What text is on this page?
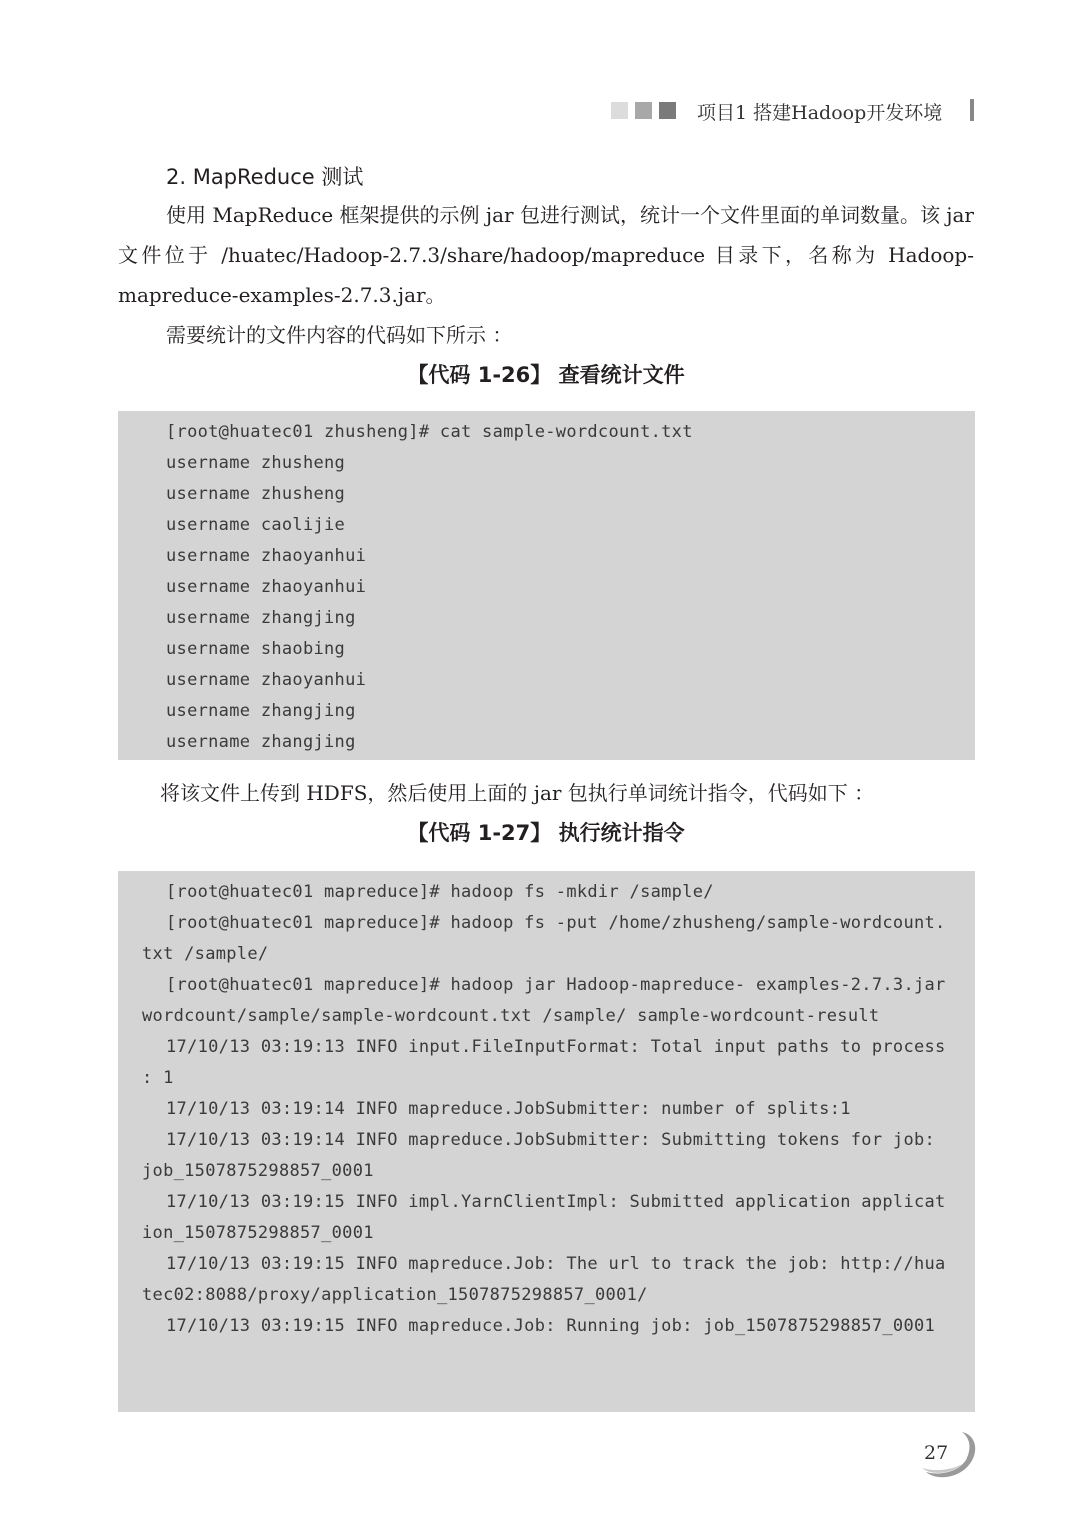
项目1 搭建Hadoop开发环境
2. MapReduce 测试

使用 MapReduce 框架提供的示例 jar 包进行测试，统计一个文件里面的单词数量。该 jar 文件位于 /huatec/Hadoop-2.7.3/share/hadoop/mapreduce 目录下，名称为 Hadoop-mapreduce-examples-2.7.3.jar。

需要统计的文件内容的代码如下所示 ：

【代码 1-26】 查看统计文件
[root@huatec01 zhusheng]# cat sample-wordcount.txt
username zhusheng
username zhusheng
username caolijie
username zhaoyanhui
username zhaoyanhui
username zhangjing
username shaobing
username zhaoyanhui
username zhangjing
username zhangjing

将该文件上传到 HDFS，然后使用上面的 jar 包执行单词统计指令，代码如下 ：

【代码 1-27】 执行统计指令
[root@huatec01 mapreduce]# hadoop fs -mkdir /sample/
[root@huatec01 mapreduce]# hadoop fs -put /home/zhusheng/sample-wordcount.txt /sample/
[root@huatec01 mapreduce]# hadoop jar Hadoop-mapreduce- examples-2.7.3.jar wordcount/sample/sample-wordcount.txt /sample/ sample-wordcount-result
17/10/13 03:19:13 INFO input.FileInputFormat: Total input paths to process : 1
17/10/13 03:19:14 INFO mapreduce.JobSubmitter: number of splits:1
17/10/13 03:19:14 INFO mapreduce.JobSubmitter: Submitting tokens for job: job_1507875298857_0001
17/10/13 03:19:15 INFO impl.YarnClientImpl: Submitted application application_1507875298857_0001
17/10/13 03:19:15 INFO mapreduce.Job: The url to track the job: http://huatec02:8088/proxy/application_1507875298857_0001/
17/10/13 03:19:15 INFO mapreduce.Job: Running job: job_1507875298857_0001
27
